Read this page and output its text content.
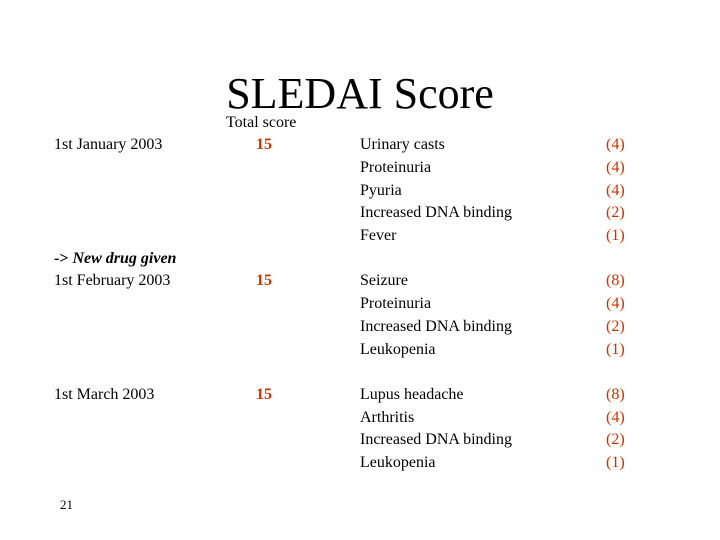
SLEDAI Score
Total score
1st January 2003	15	Urinary casts	(4)
Proteinuria	(4)
Pyuria	(4)
Increased DNA binding	(2)
Fever	(1)
-> New drug given
1st February 2003	15	Seizure	(8)
Proteinuria	(4)
Increased DNA binding	(2)
Leukopenia	(1)
1st March 2003	15	Lupus headache	(8)
Arthritis	(4)
Increased DNA binding	(2)
Leukopenia	(1)
21
